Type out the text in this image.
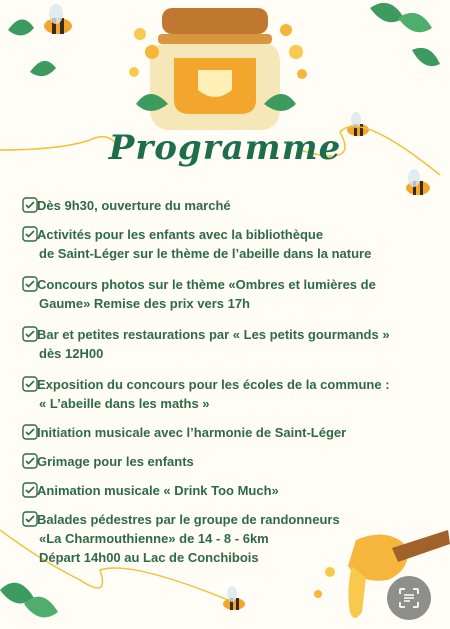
Programme
Dès 9h30, ouverture du marché
Activités pour les enfants avec la bibliothèque
de Saint-Léger sur le thème de l’abeille dans la nature
Concours photos sur le thème «Ombres et lumières de
Gaume» Remise des prix vers 17h
Bar et petites restaurations par « Les petits gourmands »
dès 12H00
Exposition du concours pour les écoles de la commune :
« L’abeille dans les maths »
Initiation musicale avec l’harmonie de Saint-Léger
Grimage pour les enfants
Animation musicale « Drink Too Much»
Balades pédestres par le groupe de randonneurs
«La Charmouthienne» de 14 - 8 - 6km
Départ 14h00 au Lac de Conchibois
